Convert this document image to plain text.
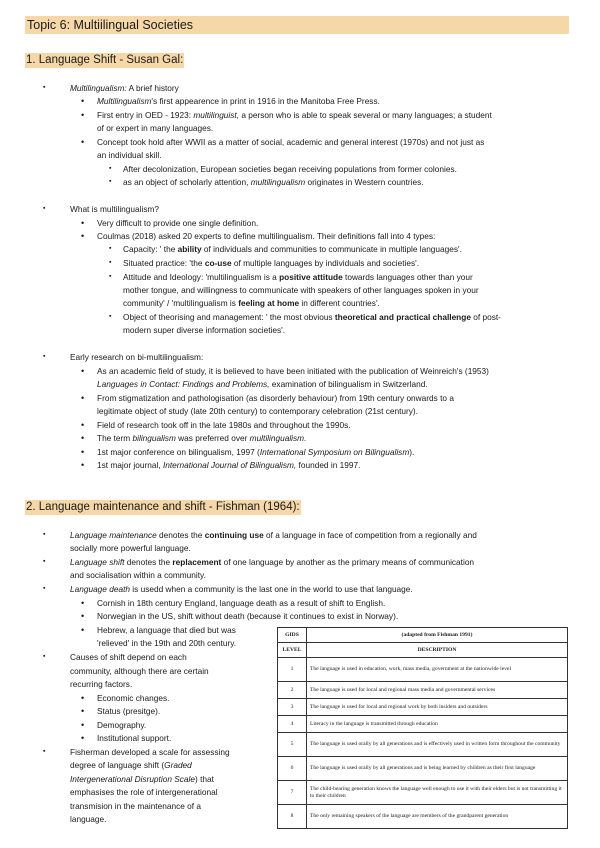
Topic 6: Multiilingual Societies
1. Language Shift - Susan Gal:
▪ Multilingualism: A brief history
• Multilingualism's first appearence in print in 1916 in the Manitoba Free Press.
• First entry in OED - 1923: multilinguist, a person who is able to speak several or many languages; a student
of or expert in many languages.
• Concept took hold after WWII as a matter of social, academic and general interest (1970s) and not just as
an individual skill.
▪ After decolonization, European societies began receiving populations from former colonies.
▪ as an object of scholarly attention, multilingualism originates in Western countries.
▪ What is multilingualism?
• Very difficult to provide one single definition.
• Coulmas (2018) asked 20 experts to define multilingualism. Their definitions fall into 4 types:
▪ Capacity: ' the ability of individuals and communities to communicate in multiple languages'.
▪ Situated practice: 'the co-use of multiple languages by individuals and societies'.
▪ Attitude and Ideology: 'multilingualism is a positive attitude towards languages other than your
mother tongue, and willingness to communicate with speakers of other languages spoken in your
community' / 'multilingualism is feeling at home in different countries'.
▪ Object of theorising and management: ' the most obvious theoretical and practical challenge of post-
modern super diverse information societies'.
▪ Early research on bi-multilingualism:
• As an academic field of study, it is believed to have been initiated with the publication of Weinreich's (1953)
Languages in Contact: Findings and Problems, examination of bilingualism in Switzerland.
• From stigmatization and pathologisation (as disorderly behaviour) from 19th century onwards to a
legitimate object of study (late 20th century) to contemporary celebration (21st century).
• Field of research took off in the late 1980s and throughout the 1990s.
• The term bilingualism was preferred over multilingualism.
• 1st major conference on bilingualism, 1997 (International Symposium on Bilingualism).
• 1st major journal, International Journal of Bilingualism, founded in 1997.
2. Language maintenance and shift - Fishman (1964):
▪ Language maintenance denotes the continuing use of a language in face of competition from a regionally and
socially more powerful language.
▪ Language shift denotes the replacement of one language by another as the primary means of communication
and socialisation within a community.
▪ Language death is usedd when a community is the last one in the world to use that language.
• Cornish in 18th century England, language death as a result of shift to English.
• Norwegian in the US, shift without death (because it continues to exist in Norway).
• Hebrew, a language that died but was
'relieved' in the 19th and 20th century.
▪ Causes of shift depend on each
community, although there are certain
recurring factors.
• Economic changes.
• Status (presitge).
• Demography.
• Institutional support.
▪ Fisherman developed a scale for assessing
degree of language shift (Graded
Intergenerational Disruption Scale) that
emphasises the role of intergenerational
transmision in the maintenance of a
language.
GIDS	(adapted from Fishman 1991)
LEVEL	DESCRIPTION
1	The language is used in education, work, mass media, government at the nationwide level
2	The language is used for local and regional mass media and governmental services
3	The language is used for local and regional work by both insiders and outsiders
4	Literacy in the language is transmitted through education
5	The language is used orally by all generations and is effectively used in written form throughout the community
6	The language is used orally by all generations and is being learned by children as their first language
7	The child-bearing generation knows the language well enough to use it with their elders but is not transmitting it to their children
8	The only remaining speakers of the language are members of the grandparent generation
